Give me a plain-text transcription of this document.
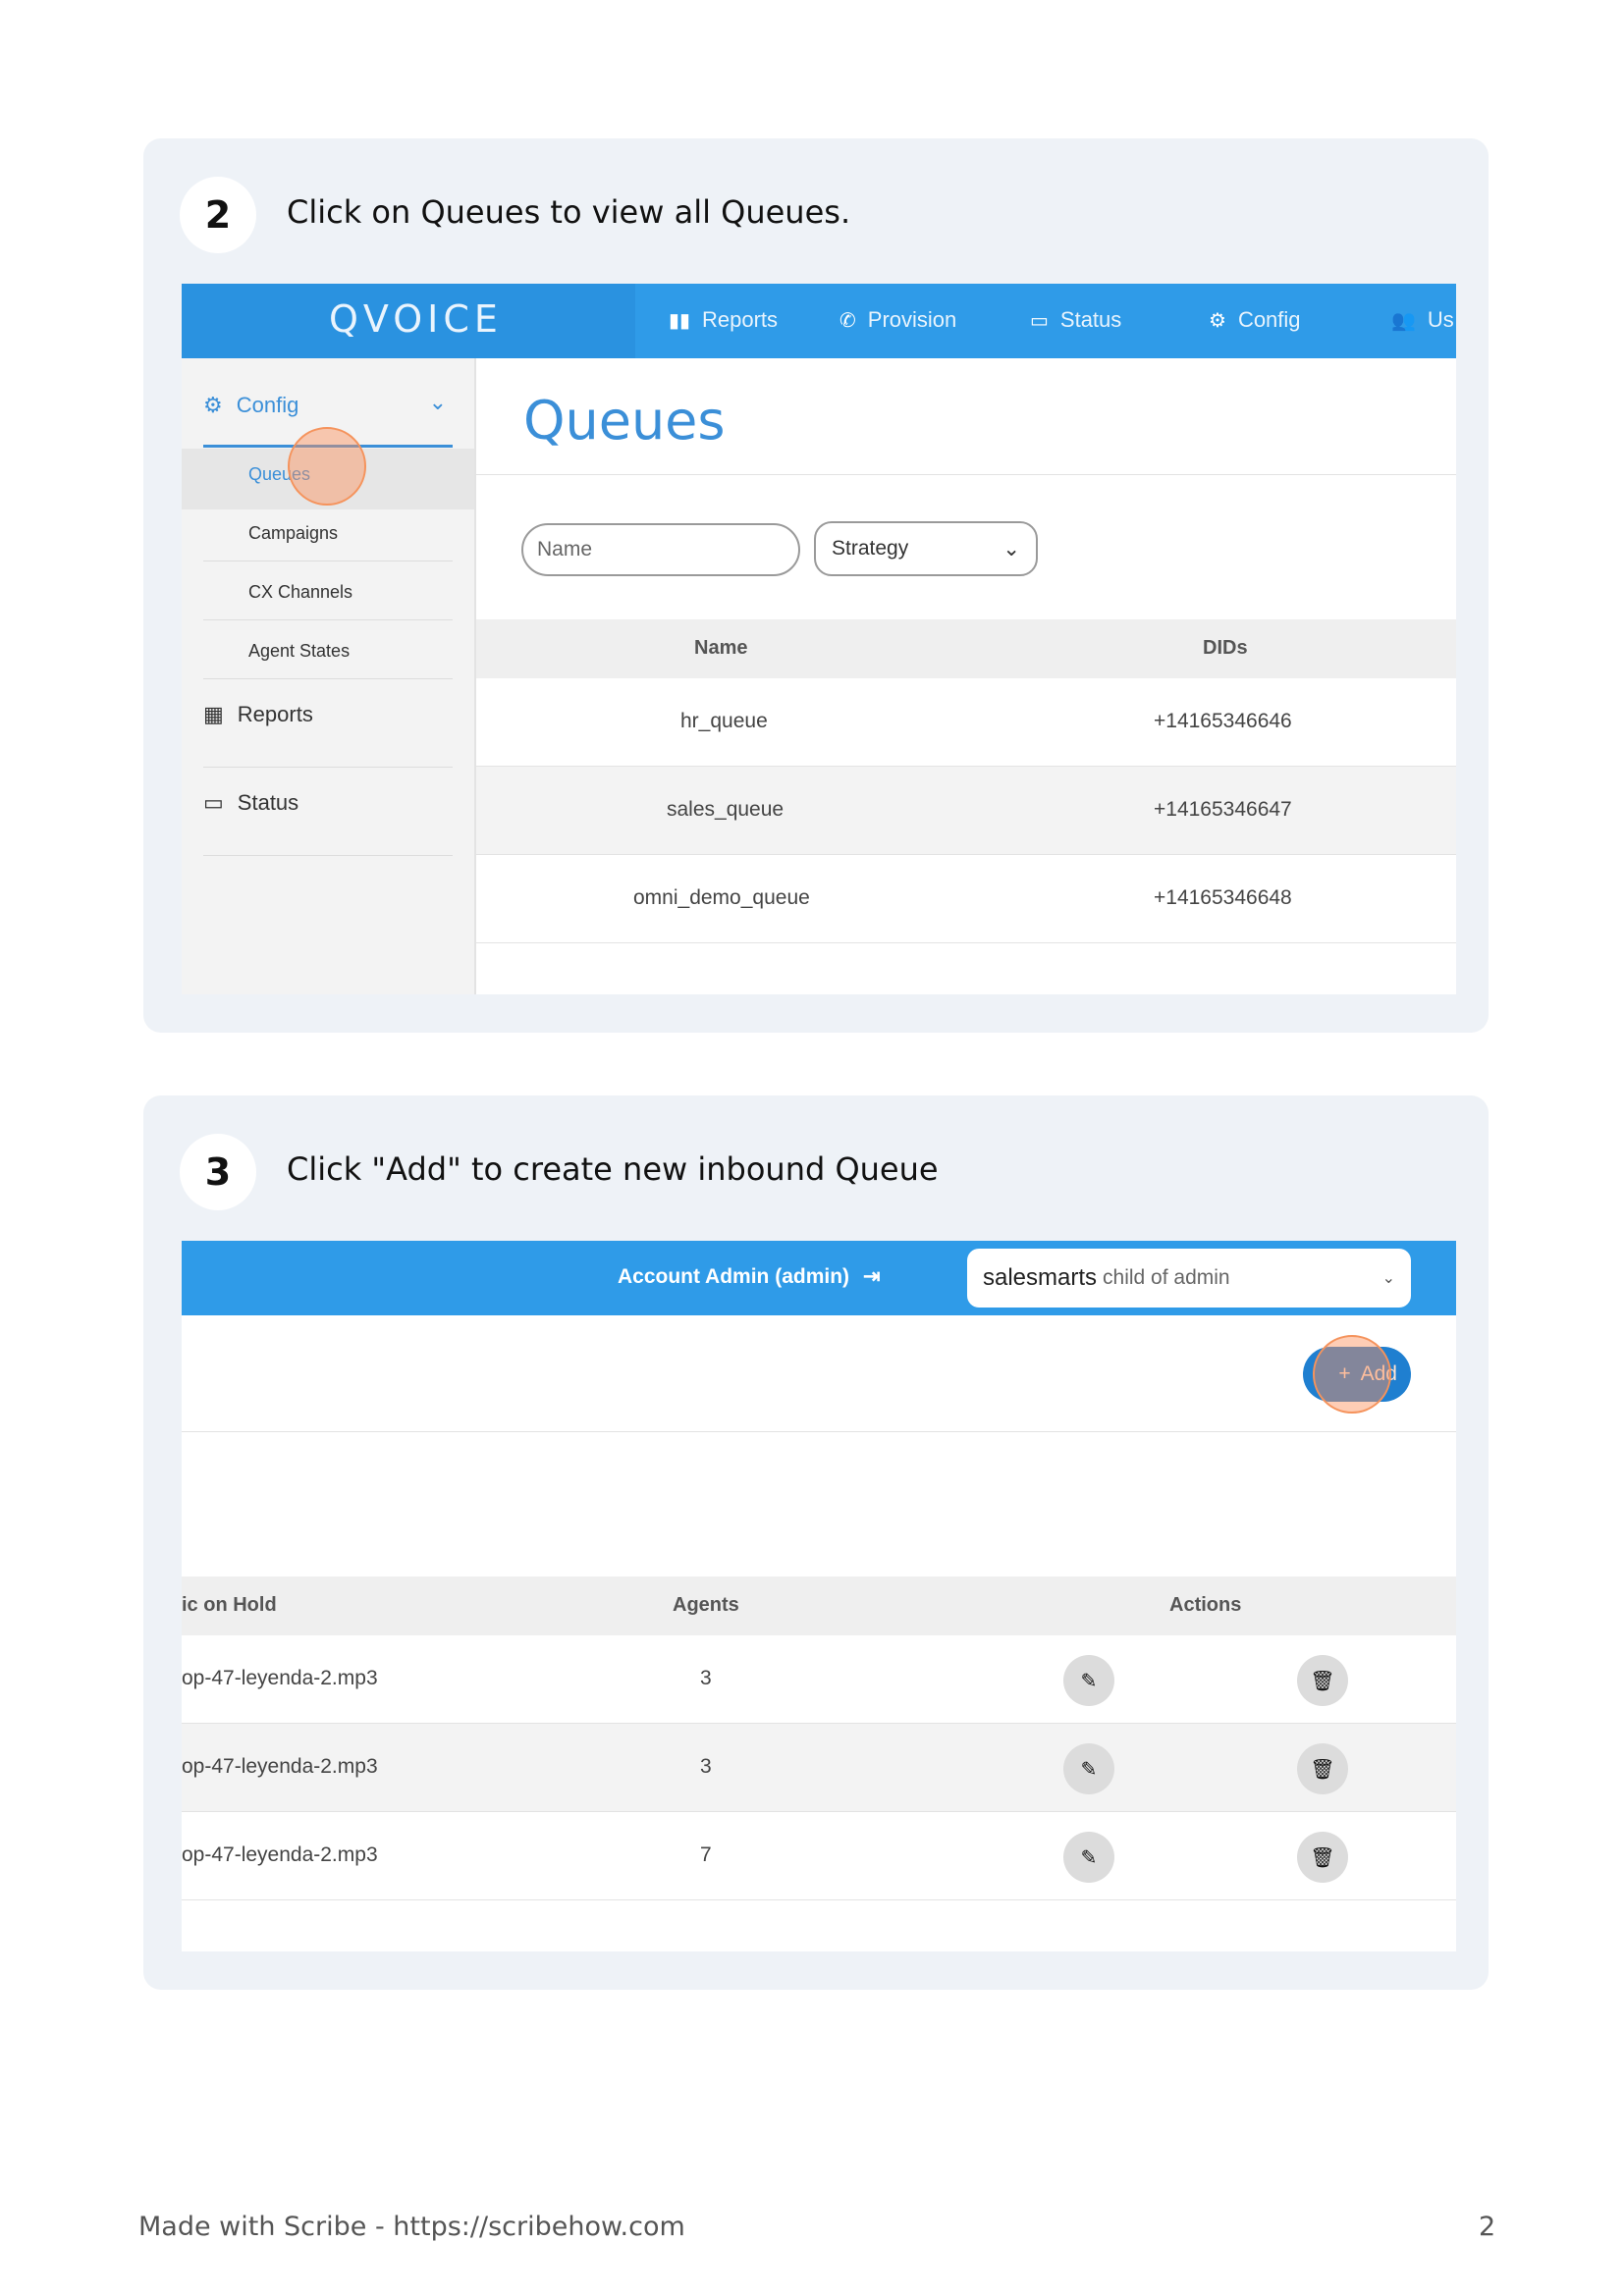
2	Click on Queues to view all Queues.
QVOICE	▮▮ Reports	✆ Provision	▭ Status	⚙ Config	👥 Us
⚙ Config	⌄
Queues
Campaigns
CX Channels
Agent States
▦ Reports
▭ Status
Queues
Name	Strategy	⌄
Name	DIDs
hr_queue	+14165346646
sales_queue	+14165346647
omni_demo_queue	+14165346648
3	Click "Add" to create new inbound Queue
Account Admin (admin) ⇥	salesmarts child of admin	⌄
+ Add
ic on Hold	Agents	Actions
op-47-leyenda-2.mp3	3	✎	🗑
op-47-leyenda-2.mp3	3	✎	🗑
op-47-leyenda-2.mp3	7	✎	🗑
Made with Scribe - https://scribehow.com	2
